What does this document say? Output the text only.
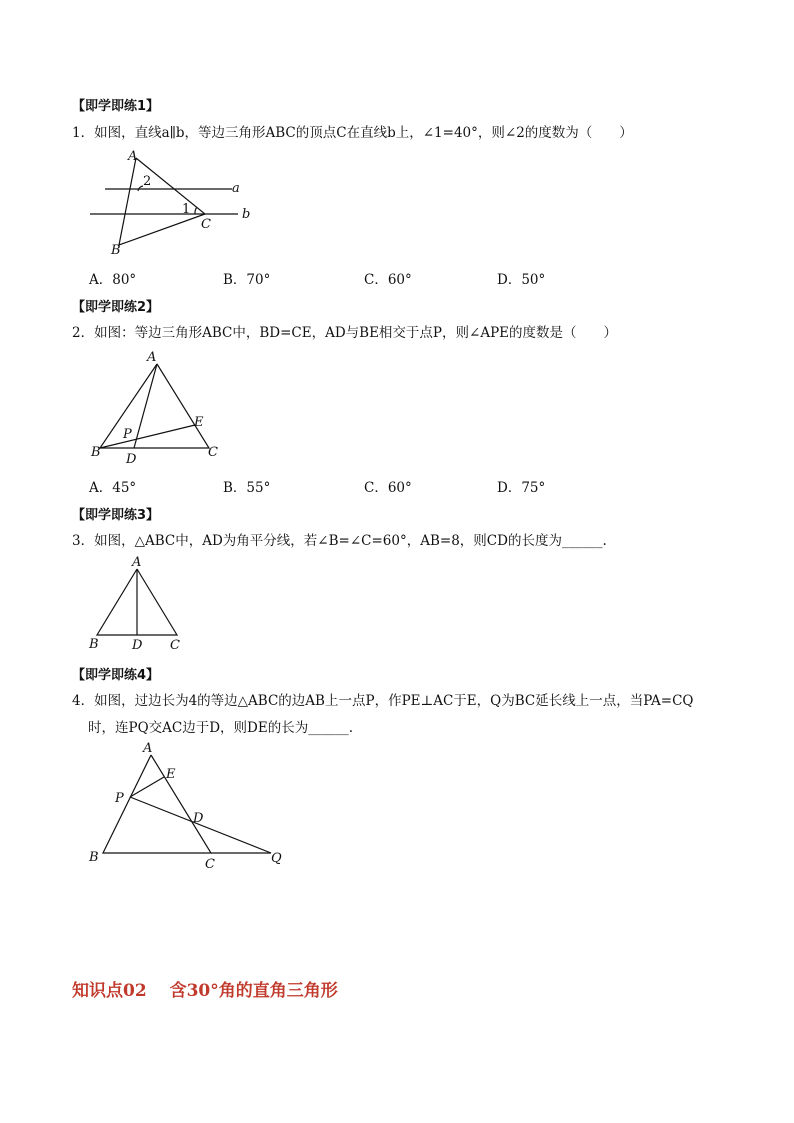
【即学即练1】
1．如图，直线a∥b，等边三角形ABC的顶点C在直线b上，∠1=40°，则∠2的度数为（　　）
A
B
C
a
b
1
2
A．80°	B．70°	C．60°	D．50°
【即学即练2】
2．如图：等边三角形ABC中，BD=CE，AD与BE相交于点P，则∠APE的度数是（　　）
A
B	C
D
E
P
A．45°	B．55°	C．60°	D．75°
【即学即练3】
3．如图，△ABC中，AD为角平分线，若∠B=∠C=60°，AB=8，则CD的长度为______.
A
B	D C
【即学即练4】
4．如图，过边长为4的等边△ABC的边AB上一点P，作PE⊥AC于E，Q为BC延长线上一点，当PA=CQ
时，连PQ交AC边于D，则DE的长为______.
A
B	C
D
E
P
Q
知识点02　 含30°角的直角三角形
